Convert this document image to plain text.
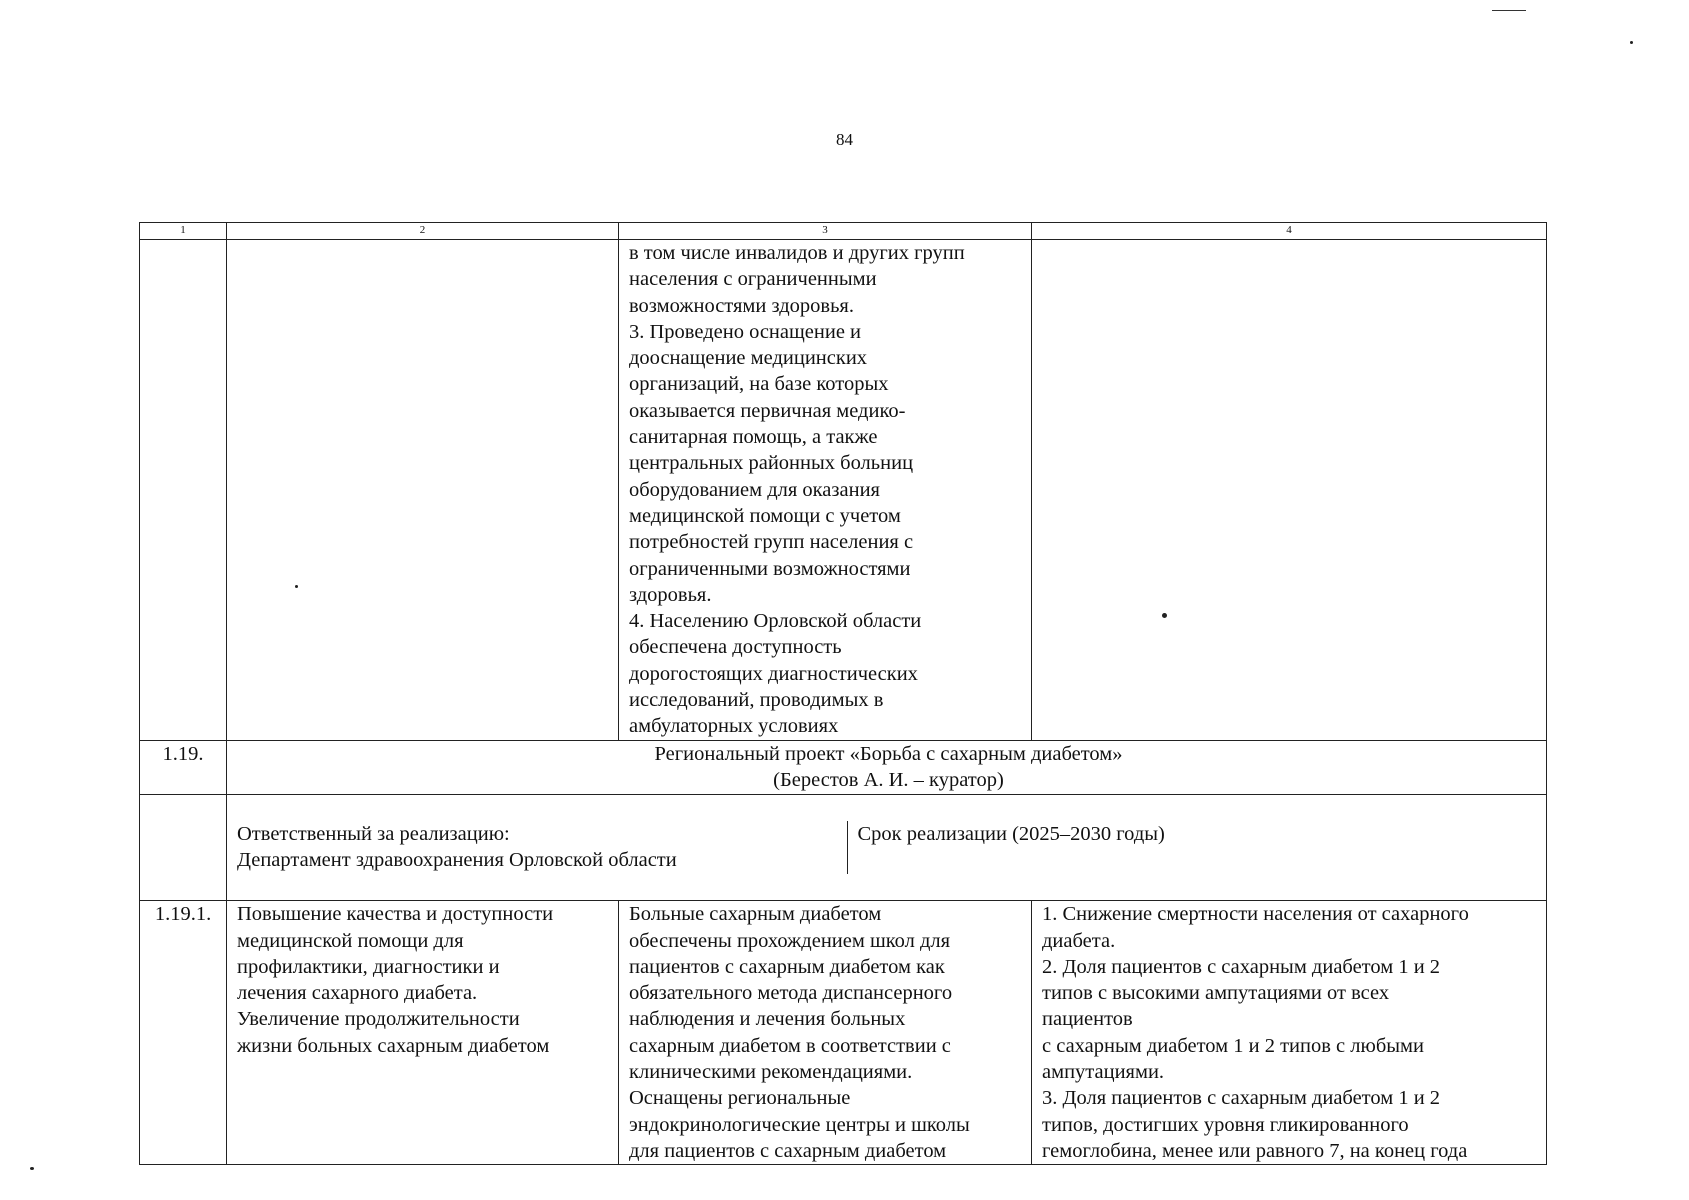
84
1	2	3	4
		в том числе инвалидов и других групп
населения с ограниченными
возможностями здоровья.
3. Проведено оснащение и
дооснащение медицинских
организаций, на базе которых
оказывается первичная медико-
санитарная помощь, а также
центральных районных больниц
оборудованием для оказания
медицинской помощи с учетом
потребностей групп населения с
ограниченными возможностями
здоровья.
4. Населению Орловской области
обеспечена доступность
дорогостоящих диагностических
исследований, проводимых в
амбулаторных условиях	
1.19.	Региональный проект «Борьба с сахарным диабетом»
(Берестов А. И. – куратор)

Ответственный за реализацию:
Департамент здравоохранения Орловской области	Срок реализации (2025–2030 годы)

1.19.1.	Повышение качества и доступности
медицинской помощи для
профилактики, диагностики и
лечения сахарного диабета.
Увеличение продолжительности
жизни больных сахарным диабетом	Больные сахарным диабетом
обеспечены прохождением школ для
пациентов с сахарным диабетом как
обязательного метода диспансерного
наблюдения и лечения больных
сахарным диабетом в соответствии с
клиническими рекомендациями.
Оснащены региональные
эндокринологические центры и школы
для пациентов с сахарным диабетом	1. Снижение смертности населения от сахарного
диабета.
2. Доля пациентов с сахарным диабетом 1 и 2
типов с высокими ампутациями от всех
пациентов
с сахарным диабетом 1 и 2 типов с любыми
ампутациями.
3. Доля пациентов с сахарным диабетом 1 и 2
типов, достигших уровня гликированного
гемоглобина, менее или равного 7, на конец года
